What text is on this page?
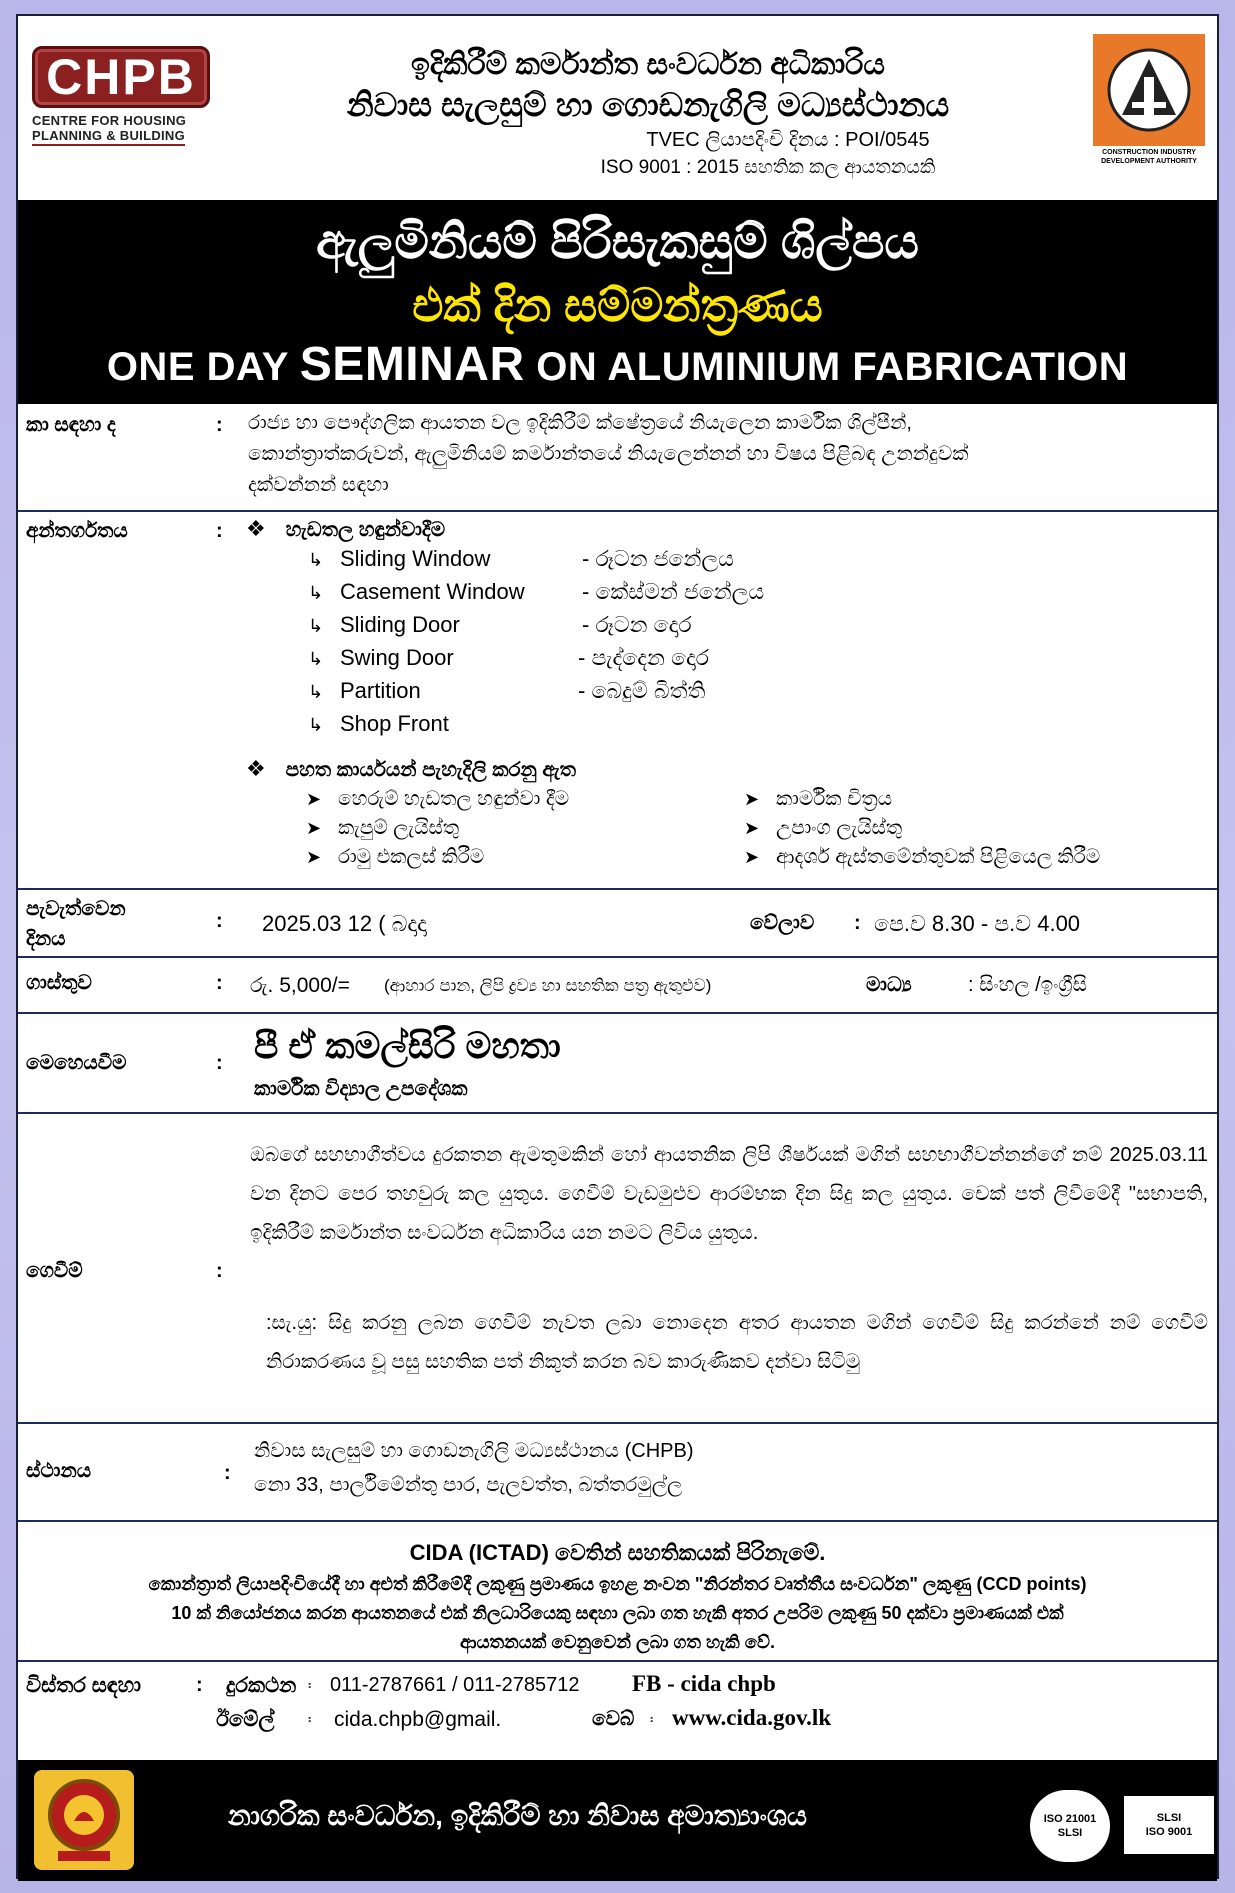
CHPB
CENTRE FOR HOUSING
PLANNING & BUILDING
ඉදිකිරීම් කර්මාන්ත සංවර්ධන අධිකාරිය
නිවාස සැලසුම් හා ගොඩනැගිලි මධ්‍යස්ථානය
TVEC ලියාපදිංචි දිනය : POI/0545
ISO 9001 : 2015 සහතික කල ආයතනයකි
CONSTRUCTION INDUSTRY DEVELOPMENT AUTHORITY
ඇලුමිනියම් පිරිසැකසුම් ශිල්පය
එක් දින සම්මන්ත්‍රණය
ONE DAY SEMINAR ON ALUMINIUM FABRICATION
කා සඳහා ද	: රාජ්‍ය හා පෞද්ගලික ආයතන වල ඉදිකිරීම් ක්ෂේත්‍රයේ නියැලෙන කාර්මික ශිල්පීන්,
කොන්ත්‍රාත්කරුවන්, ඇලුමිනියම් කර්මාන්තයේ නියැලෙන්නන් හා විෂය පිළිබඳ උනන්දුවක්
දක්වන්නන් සඳහා
අන්තර්ගතය	: ❖ හැඩතල හඳුන්වාදීම
↳ Sliding Window	- රූටන ජනේලය
↳ Casement Window	- කේස්මන් ජනේලය
↳ Sliding Door	- රූටන දොර
↳ Swing Door	- පැද්දෙන දොර
↳ Partition	- බෙදුම් බිත්ති
↳ Shop Front
❖ පහත කාර්යයන් පැහැදිලි කරනු ඇත
➤ හෙරුම් හැඩතල හඳුන්වා දීම
➤ කැපුම් ලැයිස්තු
➤ රාමු එකලස් කිරීම
➤ කාර්මික චිත්‍රය
➤ උපාංග ලැයිස්තු
➤ ආදර්ශ ඇස්තමේන්තුවක් පිළියෙල කිරීම
පැවැත්වෙන
දිනය
: 2025.03 12 ( බදාදා	වේලාව : පෙ.ව 8.30 - ප.ව 4.00
ගාස්තුව	: රු. 5,000/= (ආහාර පාන, ලිපි ද්‍රව්‍ය හා සහතික පත්‍ර ඇතුළුව)	මාධ්‍ය	: සිංහල /ඉංග්‍රීසි
මෙහෙයවීම	: පී ඒ කමල්සිරි මහතා
කාර්මික විද්‍යාල උපදේශක
ගෙවීම්	:
ඔබගේ සහභාගීත්වය දුරකතන ඇමතුමකින් හෝ ආයතනික ලිපි ශීර්ෂයක් මගින් සහභාගීවන්නන්ගේ නම් 2025.03.11 වන දිනට පෙර තහවුරු කල යුතුය. ගෙවීම් වැඩමුළුව ආරම්භක දින සිදු කල යුතුය. චෙක් පත් ලිවීමේදී "සභාපති, ඉදිකිරීම් කර්මාන්ත සංවර්ධන අධිකාරිය යන නමට ලිවිය යුතුය.
:සැ.යු: සිදු කරනු ලබන ගෙවීම් නැවත ලබා නොදෙන අතර ආයතන මගින් ගෙවීම් සිදු කරන්නේ නම් ගෙවීම් නිරාකරණය වූ පසු සහතික පත් නිකුත් කරන බව කාරුණිකව දන්වා සිටිමු
ස්ථානය	:
නිවාස සැලසුම් හා ගොඩනැගිලි මධ්‍යස්ථානය (CHPB)
නො 33, පාර්ලිමේන්තු පාර, පැලවත්ත, බත්තරමුල්ල
CIDA (ICTAD) වෙතින් සහතිකයක් පිරිනැමේ.
කොන්ත්‍රාත් ලියාපදිංචියේදී හා අළුත් කිරීමේදී ලකුණු ප්‍රමාණය ඉහළ නංවන "නිරන්තර වෘත්තීය සංවර්ධන" ලකුණු (CCD points)
10 ක් නියෝජනය කරන ආයතනයේ එක් නිලධාරියෙකු සඳහා ලබා ගත හැකි අතර උපරිම ලකුණු 50 දක්වා ප්‍රමාණයක් එක්
ආයතනයක් වෙනුවෙන් ලබා ගත හැකි වේ.
විස්තර සඳහා	: දුරකථන ፡ 011-2787661 / 011-2785712 FB - cida chpb
ඊමේල් ፡ cida.chpb@gmail.	වෙබ් ፡ www.cida.gov.lk
නාගරික සංවර්ධන, ඉදිකිරීම් හා නිවාස අමාත්‍යාංශය	ISO 21001
SLSI
SLSI
ISO 9001
